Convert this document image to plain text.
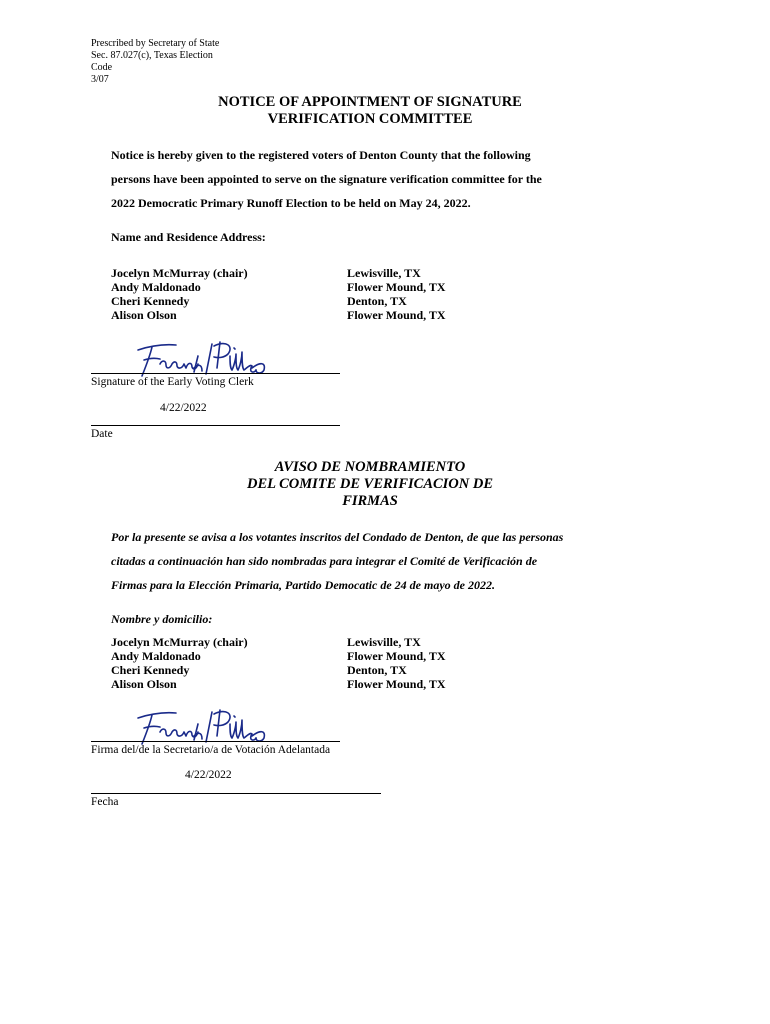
Prescribed by Secretary of State
Sec. 87.027(c), Texas Election
Code
3/07
NOTICE OF APPOINTMENT OF SIGNATURE
VERIFICATION COMMITTEE
Notice is hereby given to the registered voters of Denton County that the following
persons have been appointed to serve on the signature verification committee for the
2022 Democratic Primary Runoff Election to be held on May 24, 2022.
Name and Residence Address:
Jocelyn McMurray (chair)
Andy Maldonado
Cheri Kennedy
Alison Olson
Lewisville, TX
Flower Mound, TX
Denton, TX
Flower Mound, TX
Signature of the Early Voting Clerk
4/22/2022
Date
AVISO DE NOMBRAMIENTO
DEL COMITE DE VERIFICACION DE
FIRMAS
Por la presente se avisa a los votantes inscritos del Condado de Denton, de que las personas
citadas a continuación han sido nombradas para integrar el Comité de Verificación de
Firmas para la Elección Primaria, Partido Democatic de 24 de mayo de 2022.
Nombre y domicilio:
Jocelyn McMurray (chair)
Andy Maldonado
Cheri Kennedy
Alison Olson
Lewisville, TX
Flower Mound, TX
Denton, TX
Flower Mound, TX
Firma del/de la Secretario/a de Votación Adelantada
4/22/2022
Fecha
